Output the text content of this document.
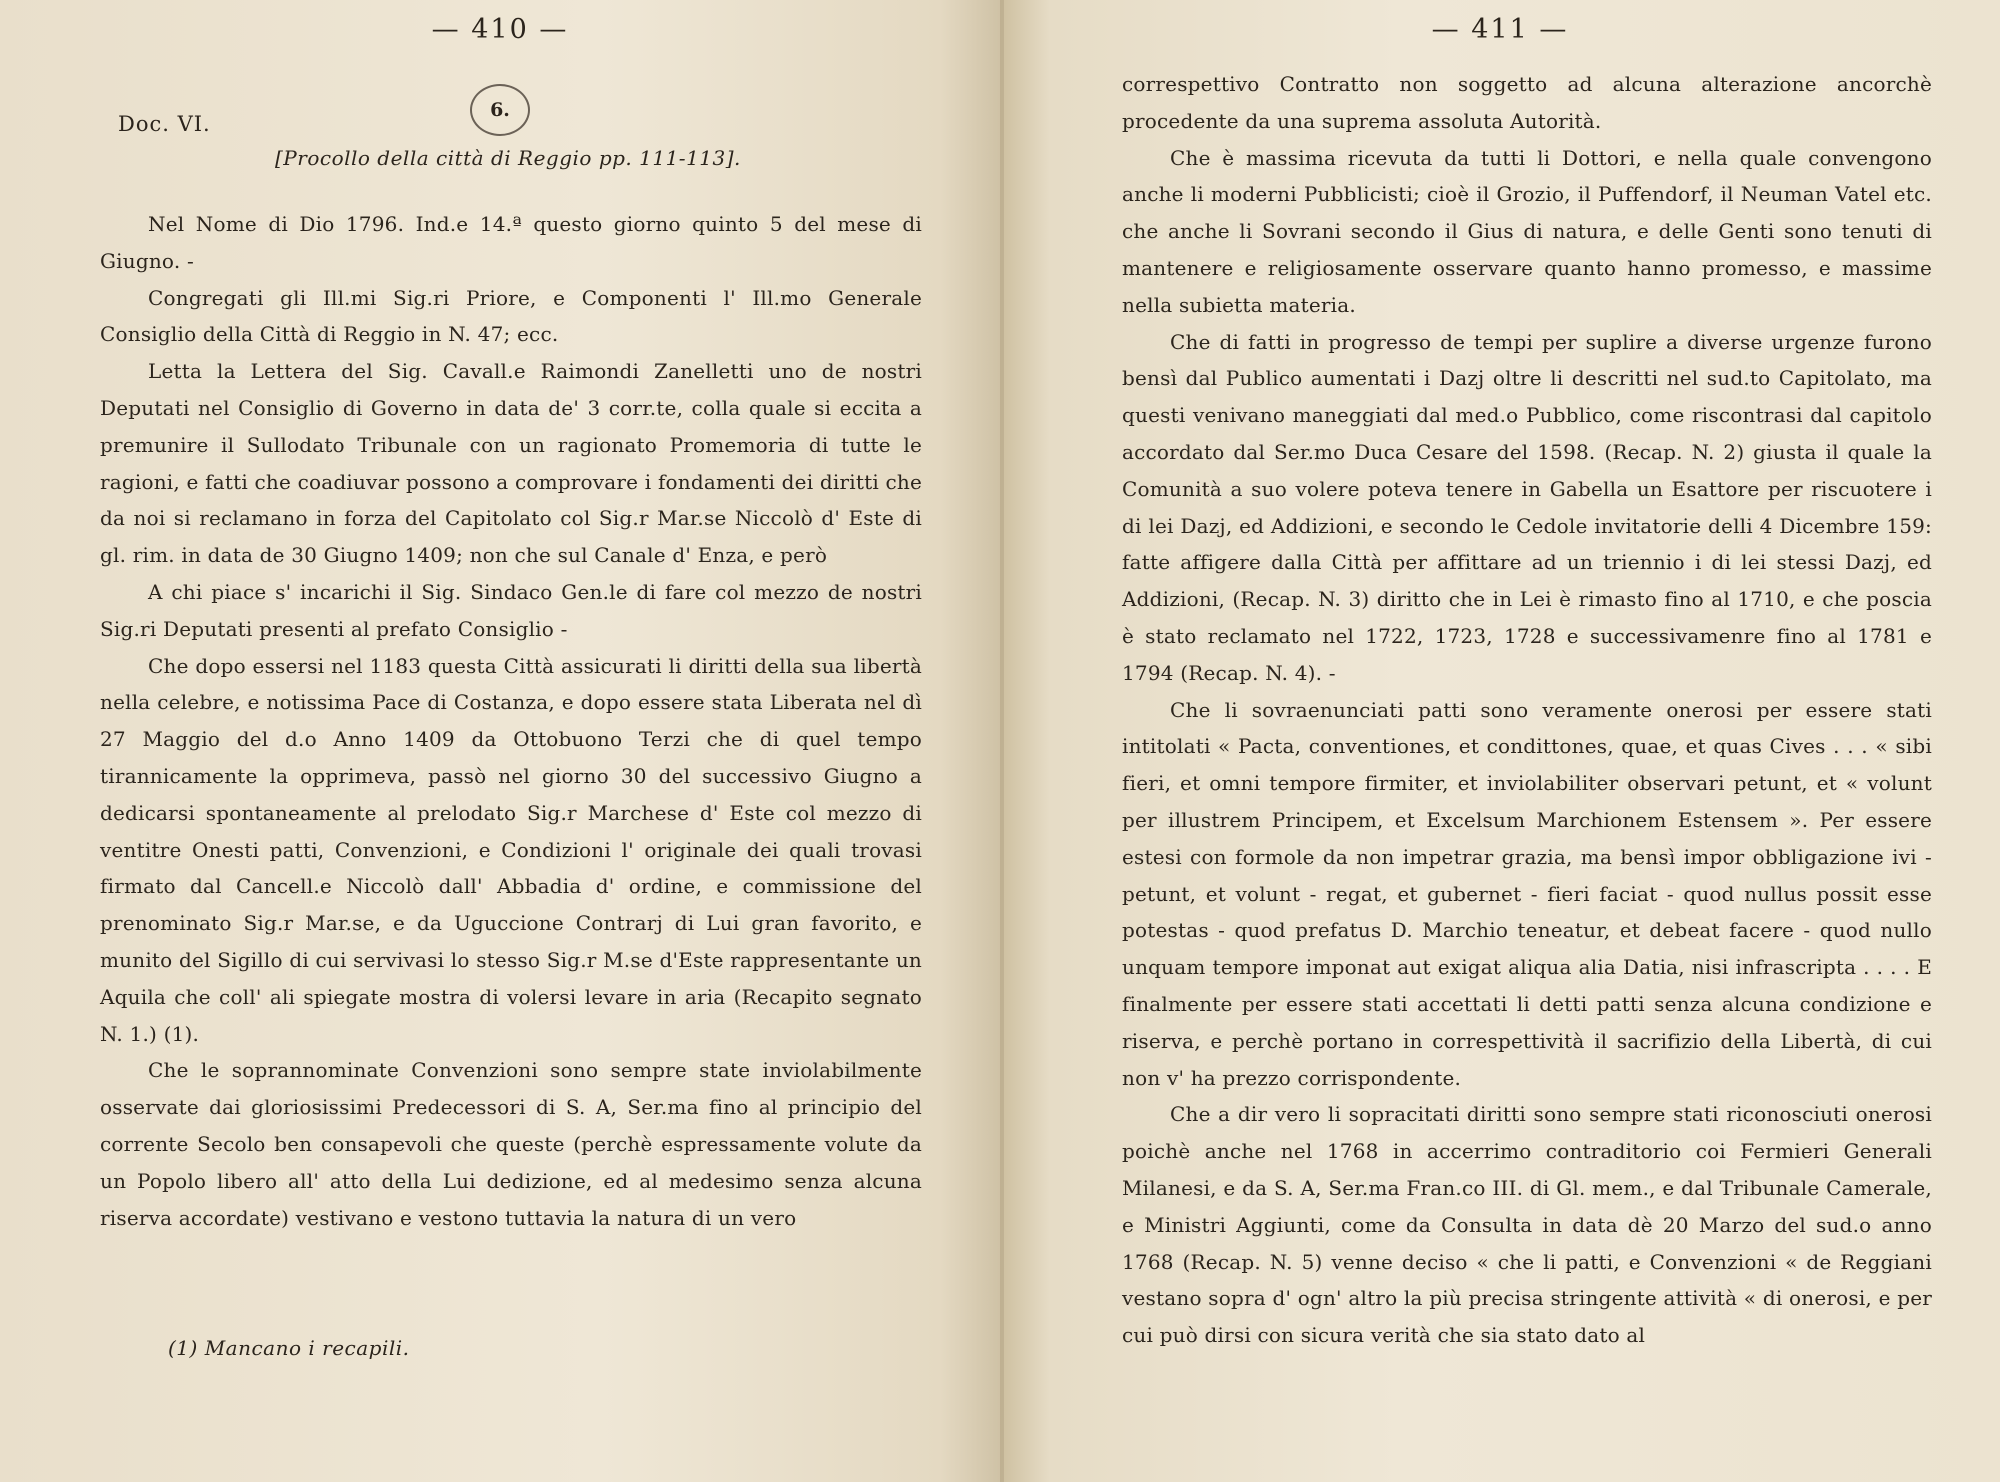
— 410 —
Doc. VI.
6.
[Procollo della città di Reggio pp. 111-113].

Nel Nome di Dio 1796. Ind.e 14.ª questo giorno quinto 5 del mese di Giugno. -

Congregati gli Ill.mi Sig.ri Priore, e Componenti l' Ill.mo Generale Consiglio della Città di Reggio in N. 47; ecc.

Letta la Lettera del Sig. Cavall.e Raimondi Zanelletti uno de nostri Deputati nel Consiglio di Governo in data de' 3 corr.te, colla quale si eccita a premunire il Sullodato Tribunale con un ragionato Promemoria di tutte le ragioni, e fatti che coadiuvar possono a comprovare i fondamenti dei diritti che da noi si reclamano in forza del Capitolato col Sig.r Mar.se Niccolò d' Este di gl. rim. in data de 30 Giugno 1409; non che sul Canale d' Enza, e però

A chi piace s' incarichi il Sig. Sindaco Gen.le di fare col mezzo de nostri Sig.ri Deputati presenti al prefato Consiglio -

Che dopo essersi nel 1183 questa Città assicurati li diritti della sua libertà nella celebre, e notissima Pace di Costanza, e dopo essere stata Liberata nel dì 27 Maggio del d.o Anno 1409 da Ottobuono Terzi che di quel tempo tirannicamente la opprimeva, passò nel giorno 30 del successivo Giugno a dedicarsi spontaneamente al prelodato Sig.r Marchese d' Este col mezzo di ventitre Onesti patti, Convenzioni, e Condizioni l' originale dei quali trovasi firmato dal Cancell.e Niccolò dall' Abbadia d' ordine, e commissione del prenominato Sig.r Mar.se, e da Uguccione Contrarj di Lui gran favorito, e munito del Sigillo di cui servivasi lo stesso Sig.r M.se d'Este rappresentante un Aquila che coll' ali spiegate mostra di volersi levare in aria (Recapito segnato N. 1.) (1).

Che le soprannominate Convenzioni sono sempre state inviolabilmente osservate dai gloriosissimi Predecessori di S. A, Ser.ma fino al principio del corrente Secolo ben consapevoli che queste (perchè espressamente volute da un Popolo libero all' atto della Lui dedizione, ed al medesimo senza alcuna riserva accordate) vestivano e vestono tuttavia la natura di un vero

(1) Mancano i recapili.
— 411 —

correspettivo Contratto non soggetto ad alcuna alterazione ancorchè procedente da una suprema assoluta Autorità.

Che è massima ricevuta da tutti li Dottori, e nella quale convengono anche li moderni Pubblicisti; cioè il Grozio, il Puffendorf, il Neuman Vatel etc. che anche li Sovrani secondo il Gius di natura, e delle Genti sono tenuti di mantenere e religiosamente osservare quanto hanno promesso, e massime nella subietta materia.

Che di fatti in progresso de tempi per suplire a diverse urgenze furono bensì dal Publico aumentati i Dazj oltre li descritti nel sud.to Capitolato, ma questi venivano maneggiati dal med.o Pubblico, come riscontrasi dal capitolo accordato dal Ser.mo Duca Cesare del 1598. (Recap. N. 2) giusta il quale la Comunità a suo volere poteva tenere in Gabella un Esattore per riscuotere i di lei Dazj, ed Addizioni, e secondo le Cedole invitatorie delli 4 Dicembre 159: fatte affigere dalla Città per affittare ad un triennio i di lei stessi Dazj, ed Addizioni, (Recap. N. 3) diritto che in Lei è rimasto fino al 1710, e che poscia è stato reclamato nel 1722, 1723, 1728 e successivamenre fino al 1781 e 1794 (Recap. N. 4). -

Che li sovraenunciati patti sono veramente onerosi per essere stati intitolati « Pacta, conventiones, et condittones, quae, et quas Cives . . . « sibi fieri, et omni tempore firmiter, et inviolabiliter observari petunt, et « volunt per illustrem Principem, et Excelsum Marchionem Estensem ». Per essere estesi con formole da non impetrar grazia, ma bensì impor obbligazione ivi - petunt, et volunt - regat, et gubernet - fieri faciat - quod nullus possit esse potestas - quod prefatus D. Marchio teneatur, et debeat facere - quod nullo unquam tempore imponat aut exigat aliqua alia Datia, nisi infrascripta . . . . E finalmente per essere stati accettati li detti patti senza alcuna condizione e riserva, e perchè portano in correspettività il sacrifizio della Libertà, di cui non v' ha prezzo corrispondente.

Che a dir vero li sopracitati diritti sono sempre stati riconosciuti onerosi poichè anche nel 1768 in accerrimo contraditorio coi Fermieri Generali Milanesi, e da S. A, Ser.ma Fran.co III. di Gl. mem., e dal Tribunale Camerale, e Ministri Aggiunti, come da Consulta in data dè 20 Marzo del sud.o anno 1768 (Recap. N. 5) venne deciso « che li patti, e Convenzioni « de Reggiani vestano sopra d' ogn' altro la più precisa stringente attività « di onerosi, e per cui può dirsi con sicura verità che sia stato dato al
